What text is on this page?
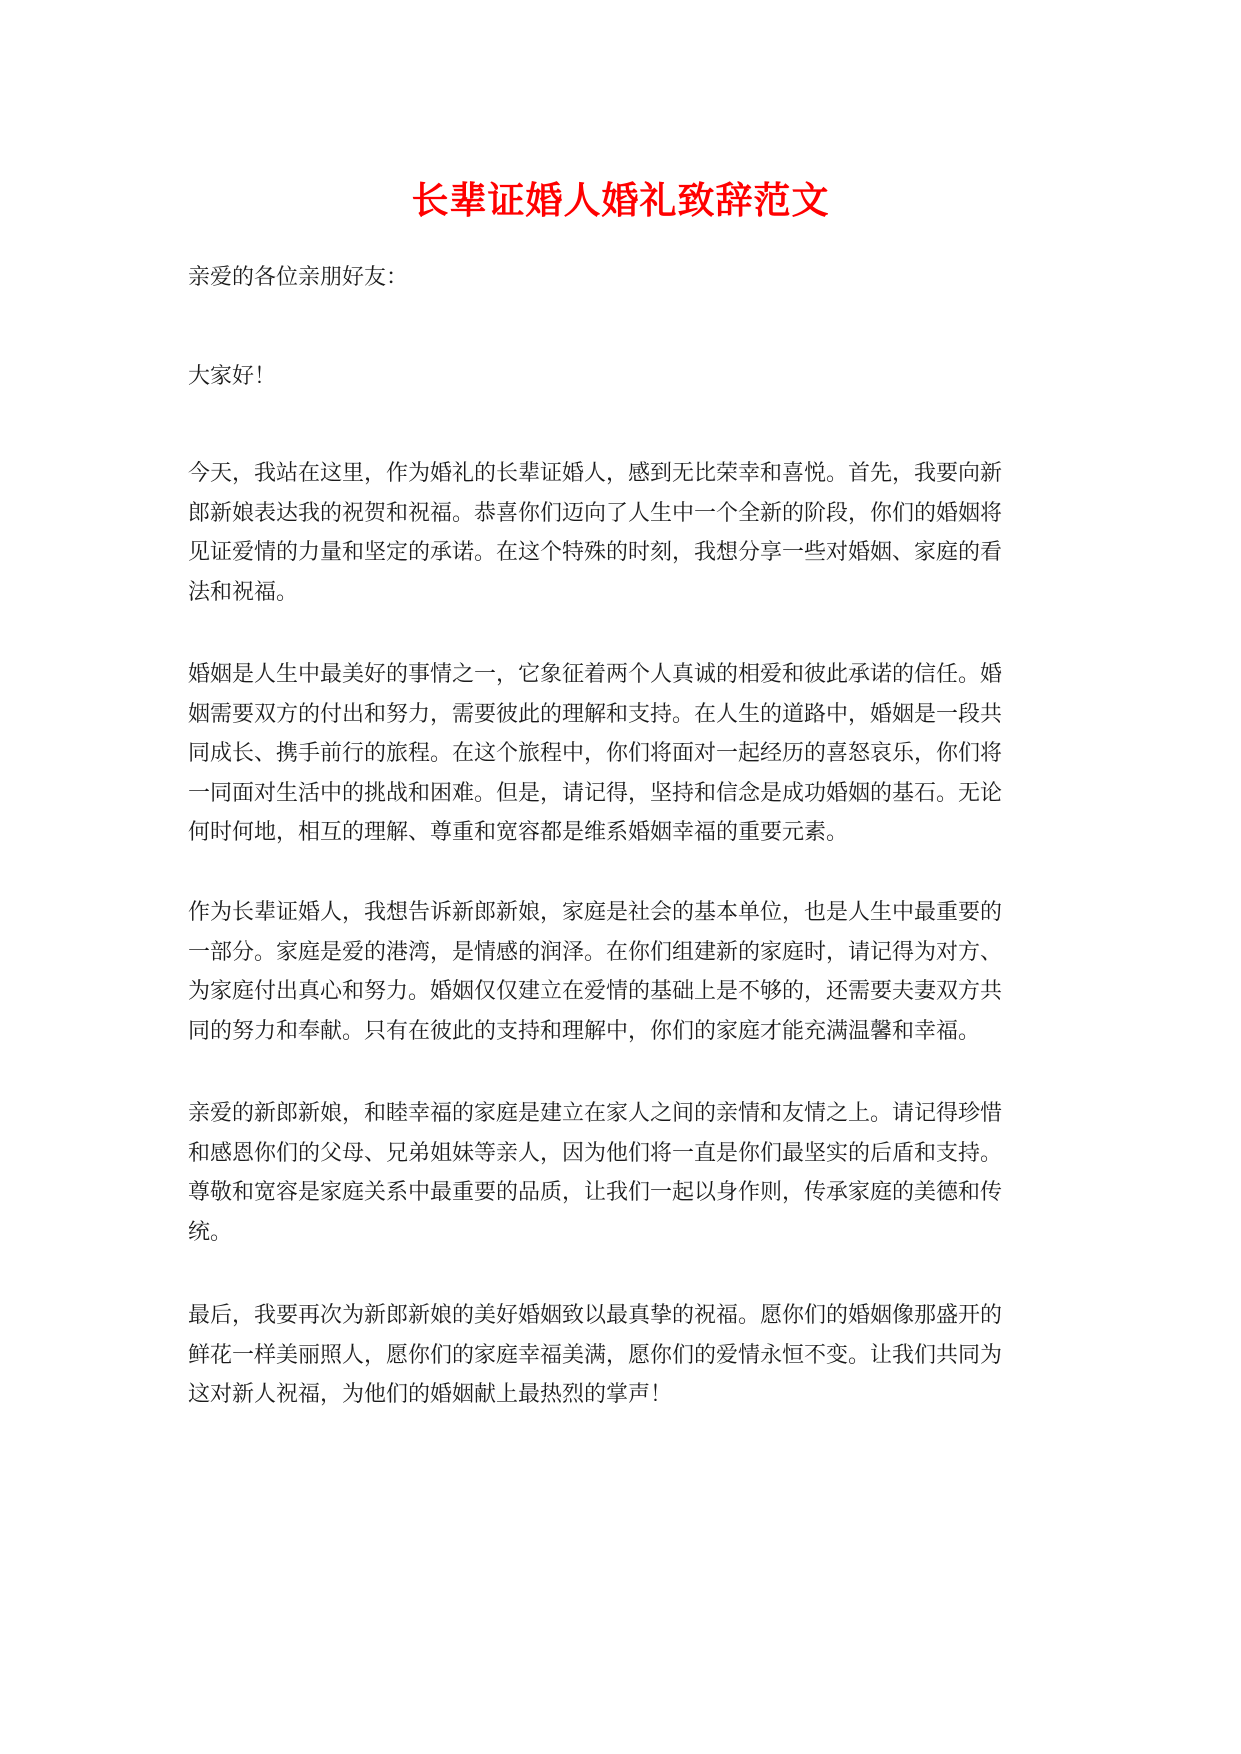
长辈证婚人婚礼致辞范文

亲爱的各位亲朋好友：

大家好！

今天，我站在这里，作为婚礼的长辈证婚人，感到无比荣幸和喜悦。首先，我要向新
郎新娘表达我的祝贺和祝福。恭喜你们迈向了人生中一个全新的阶段，你们的婚姻将
见证爱情的力量和坚定的承诺。在这个特殊的时刻，我想分享一些对婚姻、家庭的看
法和祝福。

婚姻是人生中最美好的事情之一，它象征着两个人真诚的相爱和彼此承诺的信任。婚
姻需要双方的付出和努力，需要彼此的理解和支持。在人生的道路中，婚姻是一段共
同成长、携手前行的旅程。在这个旅程中，你们将面对一起经历的喜怒哀乐，你们将
一同面对生活中的挑战和困难。但是，请记得，坚持和信念是成功婚姻的基石。无论
何时何地，相互的理解、尊重和宽容都是维系婚姻幸福的重要元素。

作为长辈证婚人，我想告诉新郎新娘，家庭是社会的基本单位，也是人生中最重要的
一部分。家庭是爱的港湾，是情感的润泽。在你们组建新的家庭时，请记得为对方、
为家庭付出真心和努力。婚姻仅仅建立在爱情的基础上是不够的，还需要夫妻双方共
同的努力和奉献。只有在彼此的支持和理解中，你们的家庭才能充满温馨和幸福。

亲爱的新郎新娘，和睦幸福的家庭是建立在家人之间的亲情和友情之上。请记得珍惜
和感恩你们的父母、兄弟姐妹等亲人，因为他们将一直是你们最坚实的后盾和支持。
尊敬和宽容是家庭关系中最重要的品质，让我们一起以身作则，传承家庭的美德和传
统。

最后，我要再次为新郎新娘的美好婚姻致以最真挚的祝福。愿你们的婚姻像那盛开的
鲜花一样美丽照人，愿你们的家庭幸福美满，愿你们的爱情永恒不变。让我们共同为
这对新人祝福，为他们的婚姻献上最热烈的掌声！
